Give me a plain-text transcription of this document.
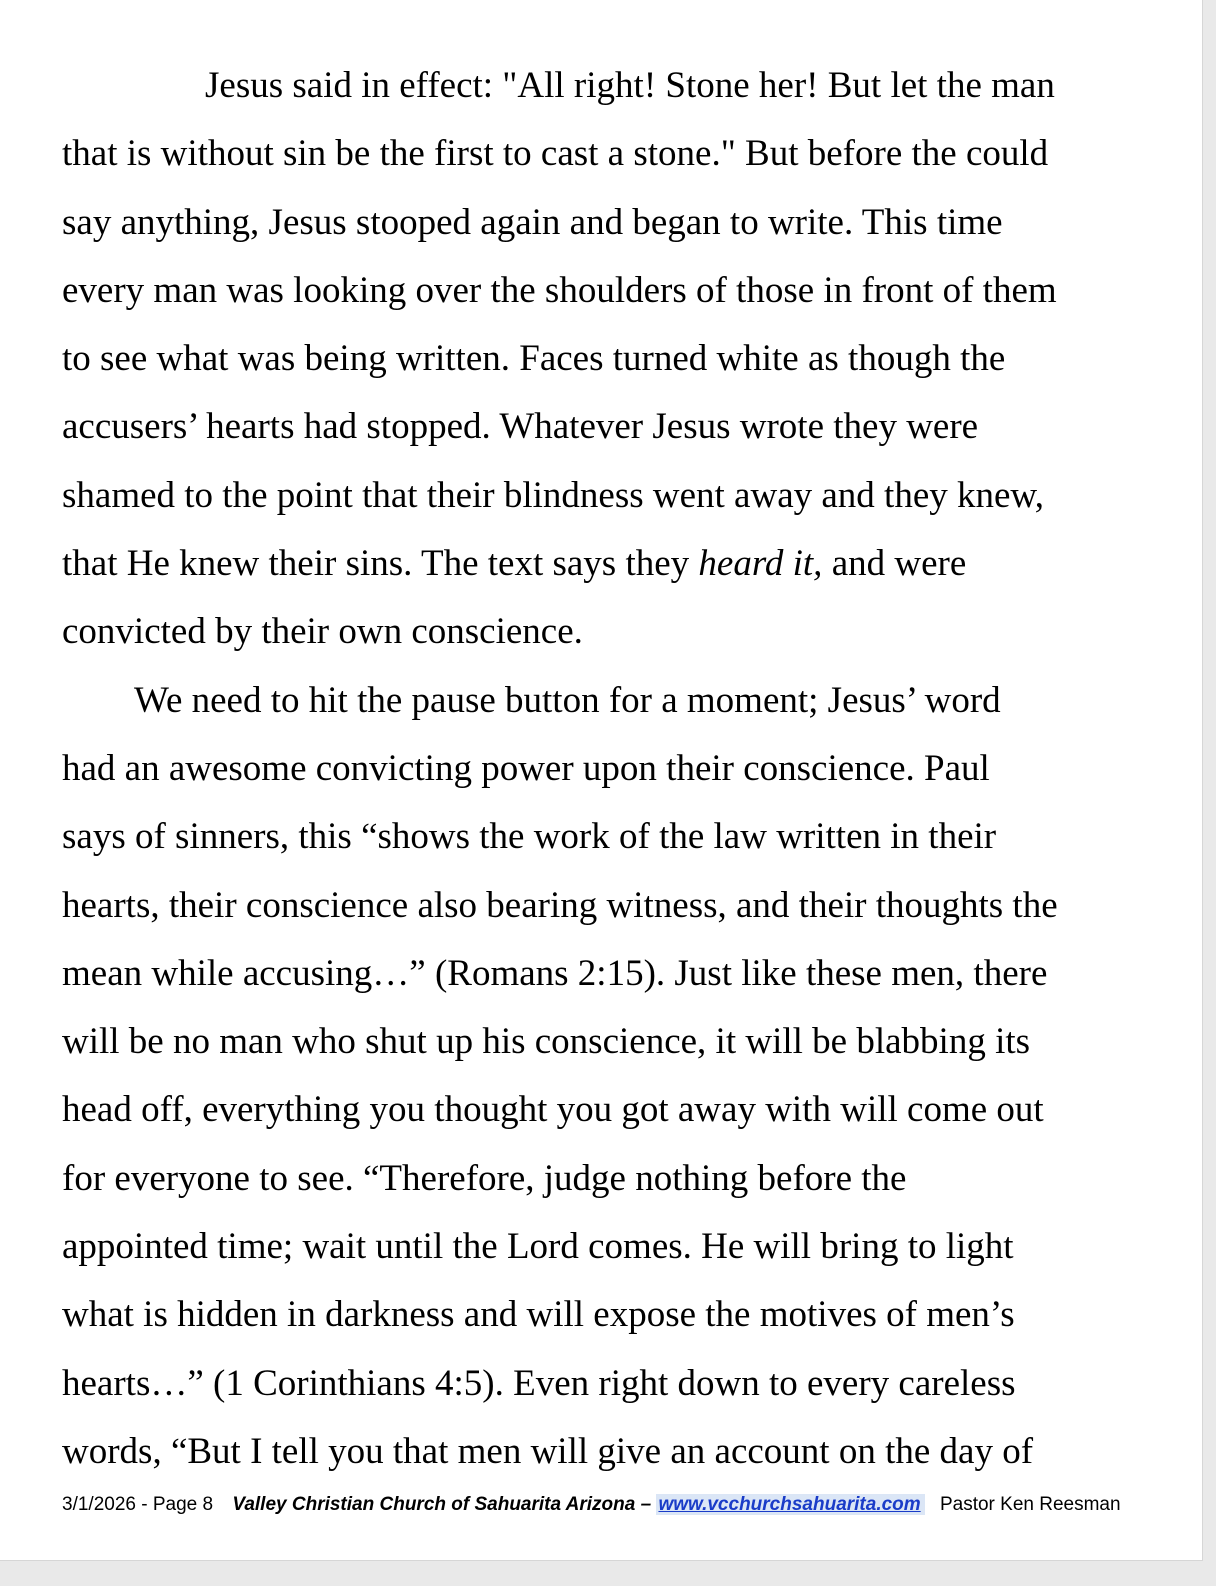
Jesus said in effect: "All right! Stone her! But let the man
that is without sin be the first to cast a stone." But before the could
say anything, Jesus stooped again and began to write. This time
every man was looking over the shoulders of those in front of them
to see what was being written. Faces turned white as though the
accusers’ hearts had stopped. Whatever Jesus wrote they were
shamed to the point that their blindness went away and they knew,
that He knew their sins. The text says they heard it, and were
convicted by their own conscience.
We need to hit the pause button for a moment; Jesus’ word
had an awesome convicting power upon their conscience. Paul
says of sinners, this “shows the work of the law written in their
hearts, their conscience also bearing witness, and their thoughts the
mean while accusing…” (Romans 2:15). Just like these men, there
will be no man who shut up his conscience, it will be blabbing its
head off, everything you thought you got away with will come out
for everyone to see. “Therefore, judge nothing before the
appointed time; wait until the Lord comes. He will bring to light
what is hidden in darkness and will expose the motives of men’s
hearts…” (1 Corinthians 4:5). Even right down to every careless
words, “But I tell you that men will give an account on the day of
3/1/2026 - Page 8 Valley Christian Church of Sahuarita Arizona – www.vcchurchsahuarita.com Pastor Ken Reesman
